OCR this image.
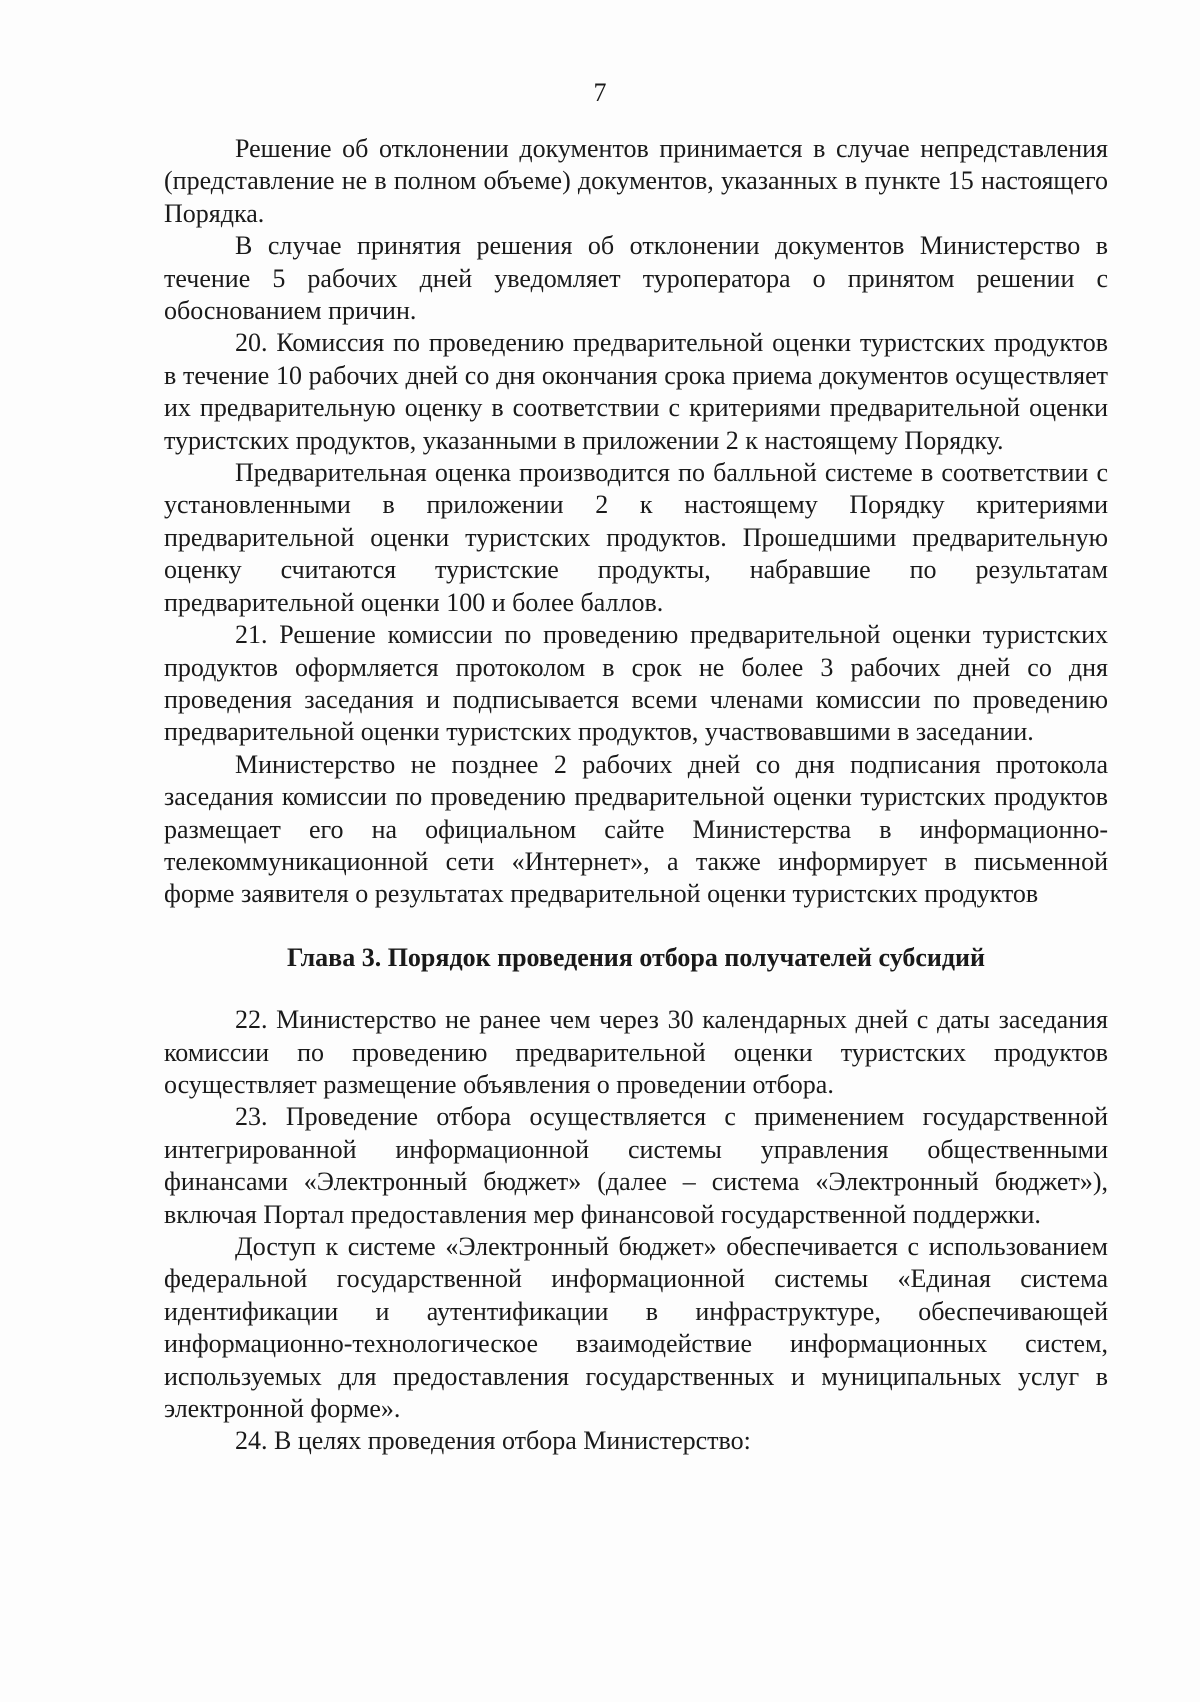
7

Решение об отклонении документов принимается в случае непредставления (представление не в полном объеме) документов, указанных в пункте 15 настоящего Порядка.

В случае принятия решения об отклонении документов Министерство в течение 5 рабочих дней уведомляет туроператора о принятом решении с обоснованием причин.

20. Комиссия по проведению предварительной оценки туристских продуктов в течение 10 рабочих дней со дня окончания срока приема документов осуществляет их предварительную оценку в соответствии с критериями предварительной оценки туристских продуктов, указанными в приложении 2 к настоящему Порядку.

Предварительная оценка производится по балльной системе в соответствии с установленными в приложении 2 к настоящему Порядку критериями предварительной оценки туристских продуктов. Прошедшими предварительную оценку считаются туристские продукты, набравшие по результатам предварительной оценки 100 и более баллов.

21. Решение комиссии по проведению предварительной оценки туристских продуктов оформляется протоколом в срок не более 3 рабочих дней со дня проведения заседания и подписывается всеми членами комиссии по проведению предварительной оценки туристских продуктов, участвовавшими в заседании.

Министерство не позднее 2 рабочих дней со дня подписания протокола заседания комиссии по проведению предварительной оценки туристских продуктов размещает его на официальном сайте Министерства в информационно-телекоммуникационной сети «Интернет», а также информирует в письменной форме заявителя о результатах предварительной оценки туристских продуктов

Глава 3. Порядок проведения отбора получателей субсидий

22. Министерство не ранее чем через 30 календарных дней с даты заседания комиссии по проведению предварительной оценки туристских продуктов осуществляет размещение объявления о проведении отбора.

23. Проведение отбора осуществляется с применением государственной интегрированной информационной системы управления общественными финансами «Электронный бюджет» (далее – система «Электронный бюджет»), включая Портал предоставления мер финансовой государственной поддержки.

Доступ к системе «Электронный бюджет» обеспечивается с использованием федеральной государственной информационной системы «Единая система идентификации и аутентификации в инфраструктуре, обеспечивающей информационно-технологическое взаимодействие информационных систем, используемых для предоставления государственных и муниципальных услуг в электронной форме».

24. В целях проведения отбора Министерство:
